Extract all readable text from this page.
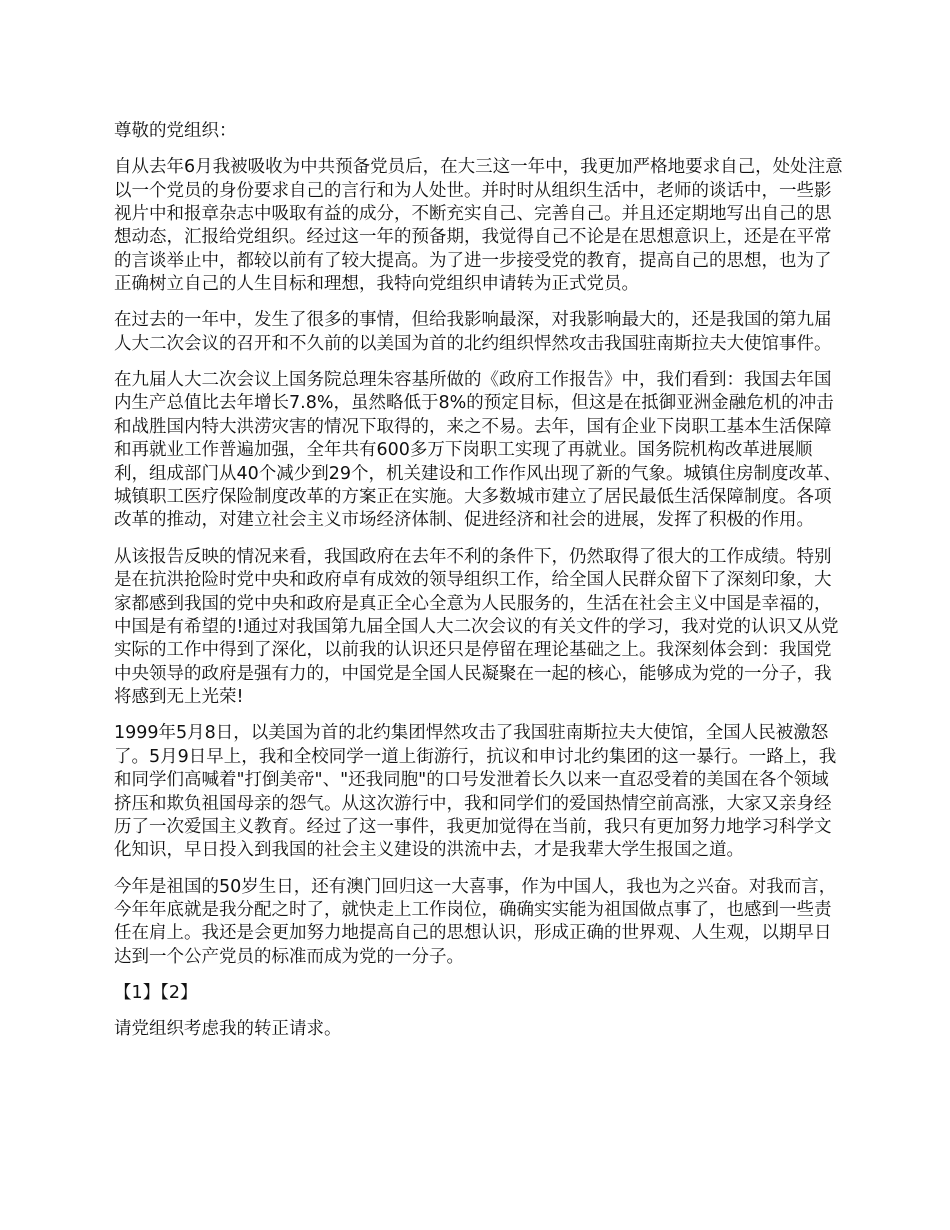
尊敬的党组织：

自从去年6月我被吸收为中共预备党员后，在大三这一年中，我更加严格地要求自己，处处注意以一个党员的身份要求自己的言行和为人处世。并时时从组织生活中，老师的谈话中，一些影视片中和报章杂志中吸取有益的成分，不断充实自己、完善自己。并且还定期地写出自己的思想动态，汇报给党组织。经过这一年的预备期，我觉得自己不论是在思想意识上，还是在平常的言谈举止中，都较以前有了较大提高。为了进一步接受党的教育，提高自己的思想，也为了正确树立自己的人生目标和理想，我特向党组织申请转为正式党员。

在过去的一年中，发生了很多的事情，但给我影响最深，对我影响最大的，还是我国的第九届人大二次会议的召开和不久前的以美国为首的北约组织悍然攻击我国驻南斯拉夫大使馆事件。

在九届人大二次会议上国务院总理朱容基所做的《政府工作报告》中，我们看到：我国去年国内生产总值比去年增长7.8%，虽然略低于8%的预定目标，但这是在抵御亚洲金融危机的冲击和战胜国内特大洪涝灾害的情况下取得的，来之不易。去年，国有企业下岗职工基本生活保障和再就业工作普遍加强，全年共有600多万下岗职工实现了再就业。国务院机构改革进展顺利，组成部门从40个减少到29个，机关建设和工作作风出现了新的气象。城镇住房制度改革、城镇职工医疗保险制度改革的方案正在实施。大多数城市建立了居民最低生活保障制度。各项改革的推动，对建立社会主义市场经济体制、促进经济和社会的进展，发挥了积极的作用。

从该报告反映的情况来看，我国政府在去年不利的条件下，仍然取得了很大的工作成绩。特别是在抗洪抢险时党中央和政府卓有成效的领导组织工作，给全国人民群众留下了深刻印象，大家都感到我国的党中央和政府是真正全心全意为人民服务的，生活在社会主义中国是幸福的，中国是有希望的!通过对我国第九届全国人大二次会议的有关文件的学习，我对党的认识又从党实际的工作中得到了深化，以前我的认识还只是停留在理论基础之上。我深刻体会到：我国党中央领导的政府是强有力的，中国党是全国人民凝聚在一起的核心，能够成为党的一分子，我将感到无上光荣!

1999年5月8日，以美国为首的北约集团悍然攻击了我国驻南斯拉夫大使馆，全国人民被激怒了。5月9日早上，我和全校同学一道上街游行，抗议和申讨北约集团的这一暴行。一路上，我和同学们高喊着"打倒美帝"、"还我同胞"的口号发泄着长久以来一直忍受着的美国在各个领域挤压和欺负祖国母亲的怨气。从这次游行中，我和同学们的爱国热情空前高涨，大家又亲身经历了一次爱国主义教育。经过了这一事件，我更加觉得在当前，我只有更加努力地学习科学文化知识，早日投入到我国的社会主义建设的洪流中去，才是我辈大学生报国之道。

今年是祖国的50岁生日，还有澳门回归这一大喜事，作为中国人，我也为之兴奋。对我而言，今年年底就是我分配之时了，就快走上工作岗位，确确实实能为祖国做点事了，也感到一些责任在肩上。我还是会更加努力地提高自己的思想认识，形成正确的世界观、人生观，以期早日达到一个公产党员的标准而成为党的一分子。

【1】【2】

请党组织考虑我的转正请求。
